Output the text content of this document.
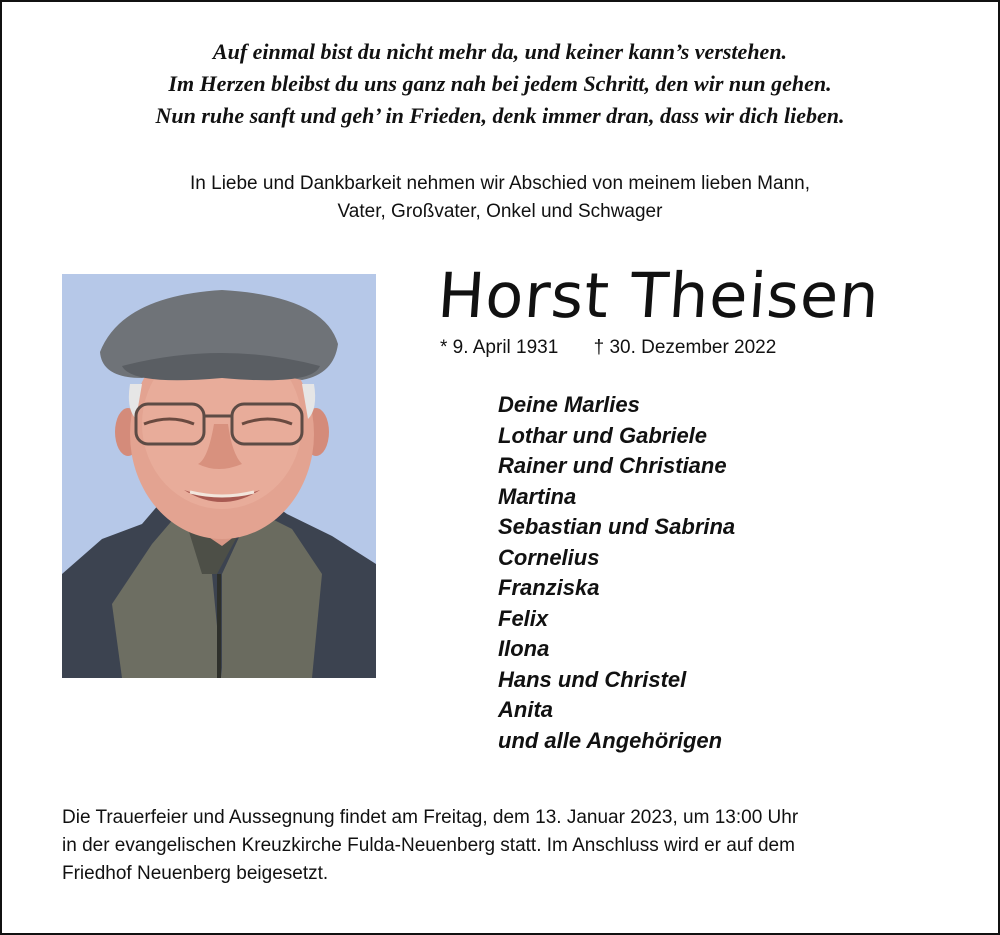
Auf einmal bist du nicht mehr da, und keiner kann’s verstehen.
Im Herzen bleibst du uns ganz nah bei jedem Schritt, den wir nun gehen.
Nun ruhe sanft und geh’ in Frieden, denk immer dran, dass wir dich lieben.
In Liebe und Dankbarkeit nehmen wir Abschied von meinem lieben Mann,
Vater, Großvater, Onkel und Schwager
Horst Theisen
* 9. April 1931 † 30. Dezember 2022
Deine Marlies
Lothar und Gabriele
Rainer und Christiane
Martina
Sebastian und Sabrina
Cornelius
Franziska
Felix
Ilona
Hans und Christel
Anita
und alle Angehörigen
Die Trauerfeier und Aussegnung findet am Freitag, dem 13. Januar 2023, um 13:00 Uhr
in der evangelischen Kreuzkirche Fulda-Neuenberg statt. Im Anschluss wird er auf dem
Friedhof Neuenberg beigesetzt.
